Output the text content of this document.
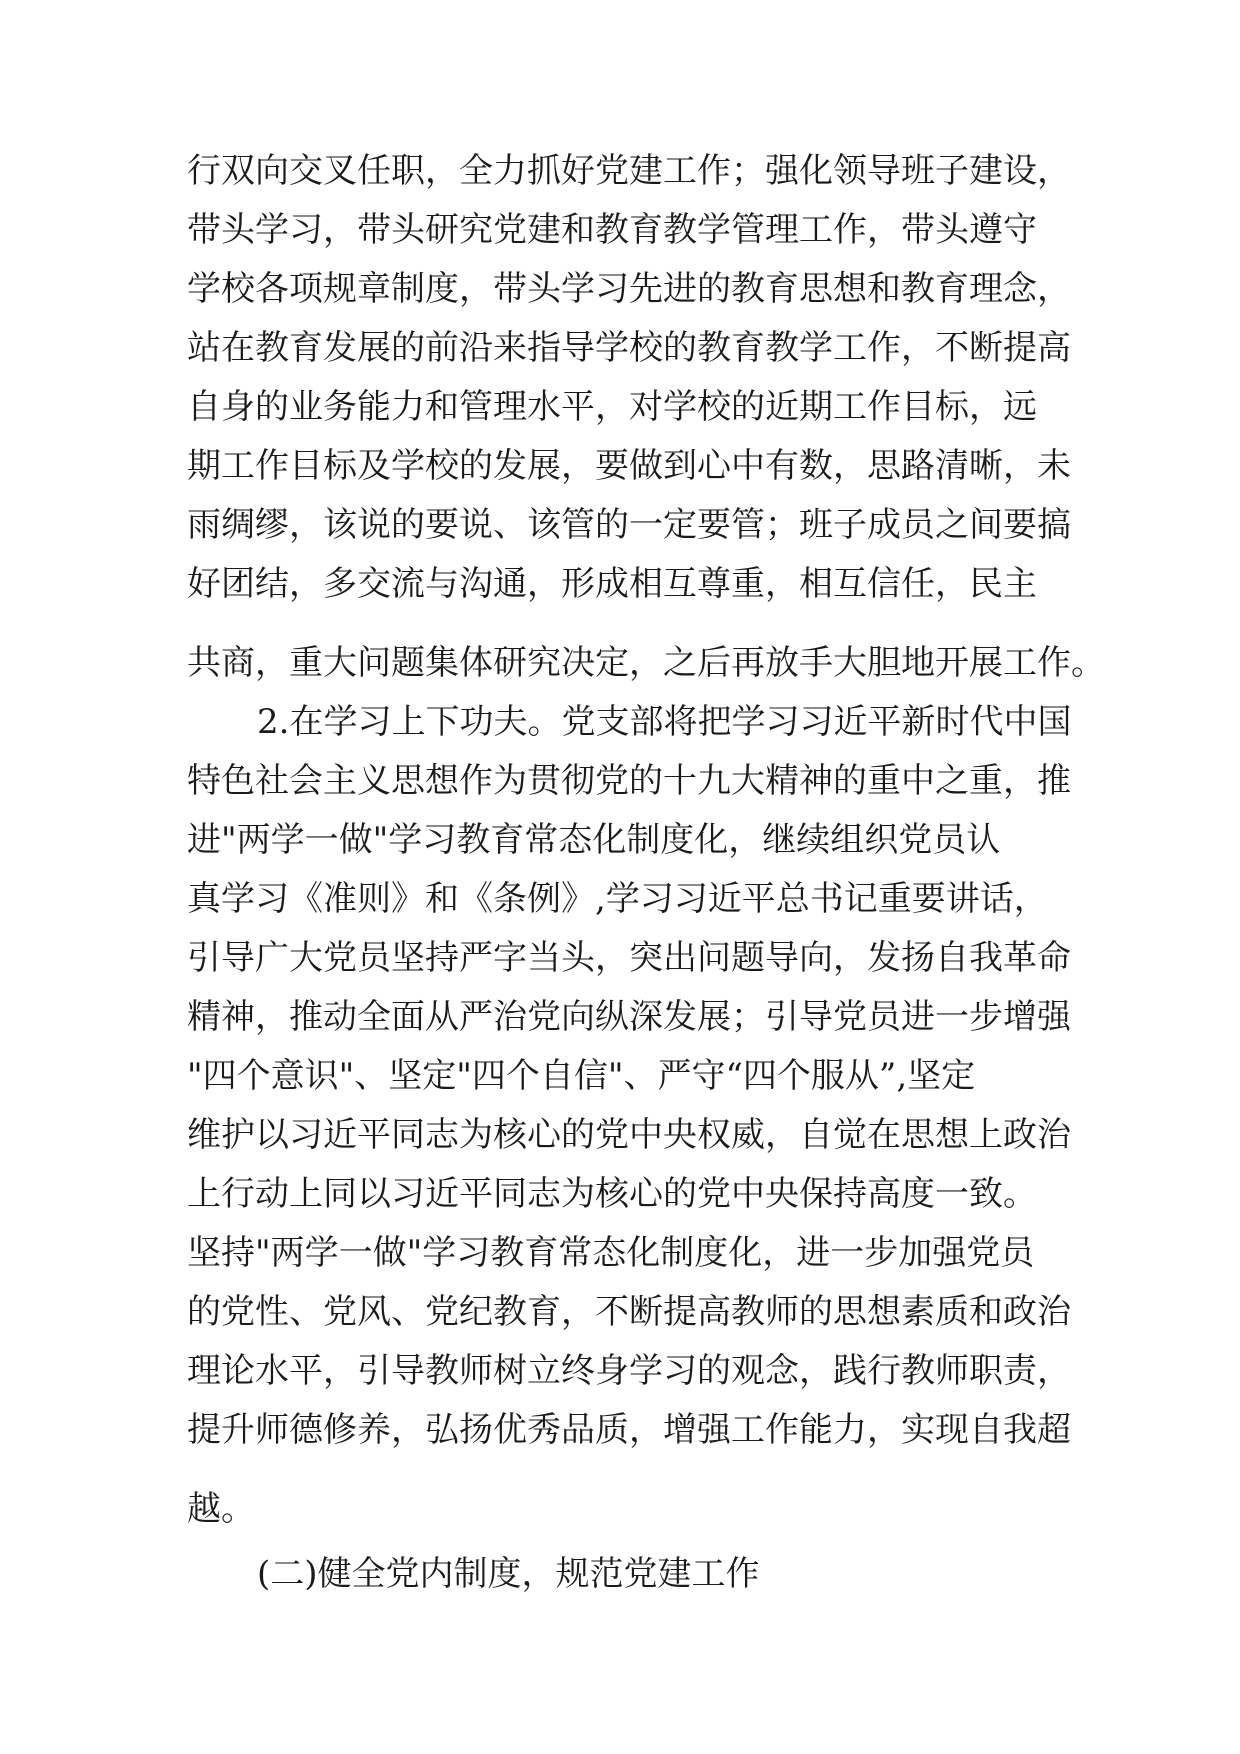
行双向交叉任职，全力抓好党建工作；强化领导班子建设，
带头学习，带头研究党建和教育教学管理工作，带头遵守
学校各项规章制度，带头学习先进的教育思想和教育理念，
站在教育发展的前沿来指导学校的教育教学工作，不断提高
自身的业务能力和管理水平，对学校的近期工作目标，远
期工作目标及学校的发展，要做到心中有数，思路清晰，未
雨绸缪，该说的要说、该管的一定要管；班子成员之间要搞
好团结，多交流与沟通，形成相互尊重，相互信任，民主
共商，重大问题集体研究决定，之后再放手大胆地开展工作。
2.在学习上下功夫。党支部将把学习习近平新时代中国
特色社会主义思想作为贯彻党的十九大精神的重中之重，推
进"两学一做"学习教育常态化制度化，继续组织党员认
真学习《准则》和《条例》,学习习近平总书记重要讲话，
引导广大党员坚持严字当头，突出问题导向，发扬自我革命
精神，推动全面从严治党向纵深发展；引导党员进一步增强
"四个意识"、坚定"四个自信"、严守“四个服从”,坚定
维护以习近平同志为核心的党中央权威，自觉在思想上政治
上行动上同以习近平同志为核心的党中央保持高度一致。
坚持"两学一做"学习教育常态化制度化，进一步加强党员
的党性、党风、党纪教育，不断提高教师的思想素质和政治
理论水平，引导教师树立终身学习的观念，践行教师职责，
提升师德修养，弘扬优秀品质，增强工作能力，实现自我超
越。
(二)健全党内制度，规范党建工作
